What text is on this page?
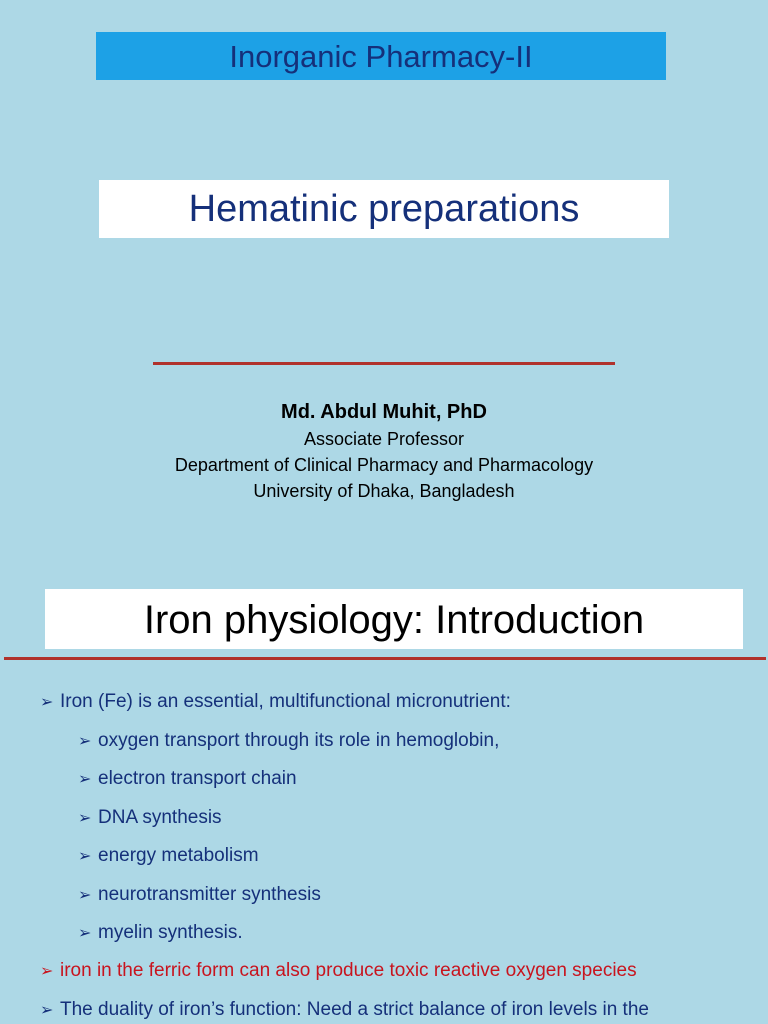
Inorganic Pharmacy-II
Hematinic preparations
Md. Abdul Muhit, PhD
Associate Professor
Department of Clinical Pharmacy and Pharmacology
University of Dhaka, Bangladesh
Iron physiology: Introduction
➢ Iron (Fe) is an essential, multifunctional micronutrient:
➢ oxygen transport through its role in hemoglobin,
➢ electron transport chain
➢ DNA synthesis
➢ energy metabolism
➢ neurotransmitter synthesis
➢ myelin synthesis.
➢ iron in the ferric form can also produce toxic reactive oxygen species
➢ The duality of iron’s function: Need a strict balance of iron levels in the
